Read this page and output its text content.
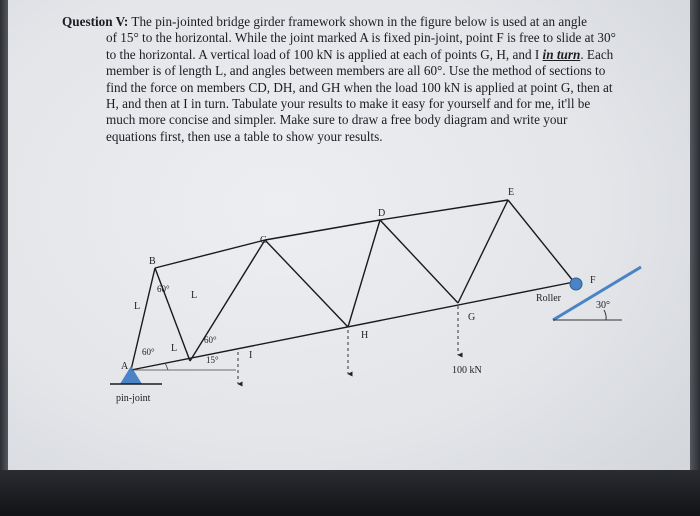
Question V: The pin-jointed bridge girder framework shown in the figure below is used at an angle
of 15° to the horizontal. While the joint marked A is fixed pin-joint, point F is free to slide at 30°
to the horizontal. A vertical load of 100 kN is applied at each of points G, H, and I in turn. Each
member is of length L, and angles between members are all 60°. Use the method of sections to
find the force on members CD, DH, and GH when the load 100 kN is applied at point G, then at
H, and then at I in turn. Tabulate your results to make it easy for yourself and for me, it'll be
much more concise and simpler. Make sure to draw a free body diagram and write your
equations first, then use a table to show your results.
A
B
C
D
E
F
G
H
I
60°
60°
60°
15°
30°
L
L
L
Roller
pin-joint
100 kN
